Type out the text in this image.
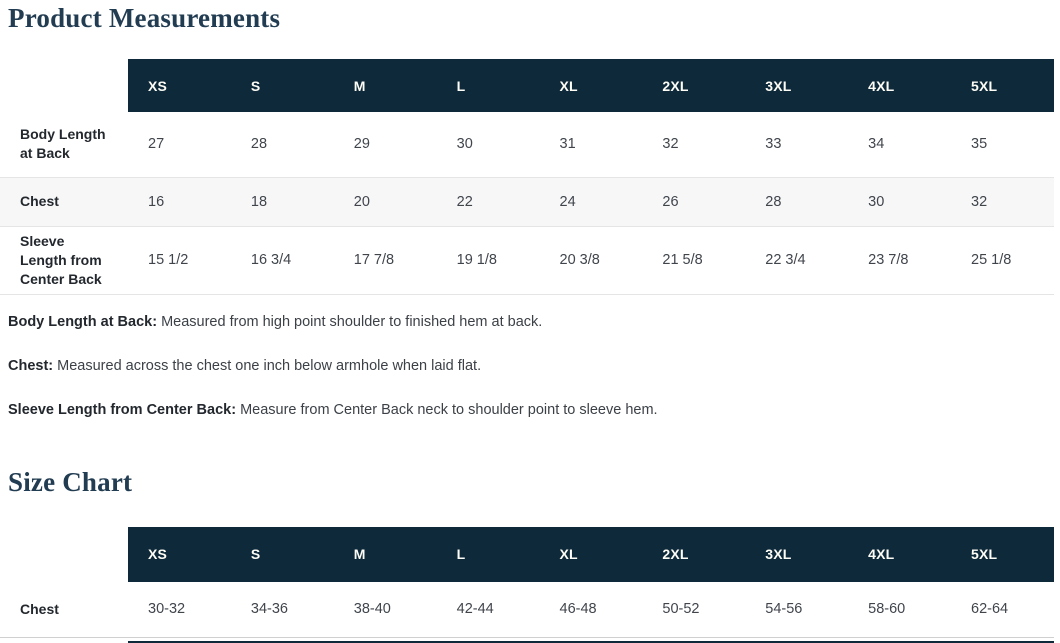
Product Measurements
	XS	S	M	L	XL	2XL	3XL	4XL	5XL
Body Length at Back	27	28	29	30	31	32	33	34	35
Chest	16	18	20	22	24	26	28	30	32
Sleeve Length from Center Back	15 1/2	16 3/4	17 7/8	19 1/8	20 3/8	21 5/8	22 3/4	23 7/8	25 1/8

Body Length at Back: Measured from high point shoulder to finished hem at back.

Chest: Measured across the chest one inch below armhole when laid flat.

Sleeve Length from Center Back: Measure from Center Back neck to shoulder point to sleeve hem.

Size Chart
	XS	S	M	L	XL	2XL	3XL	4XL	5XL
Chest	30-32	34-36	38-40	42-44	46-48	50-52	54-56	58-60	62-64
